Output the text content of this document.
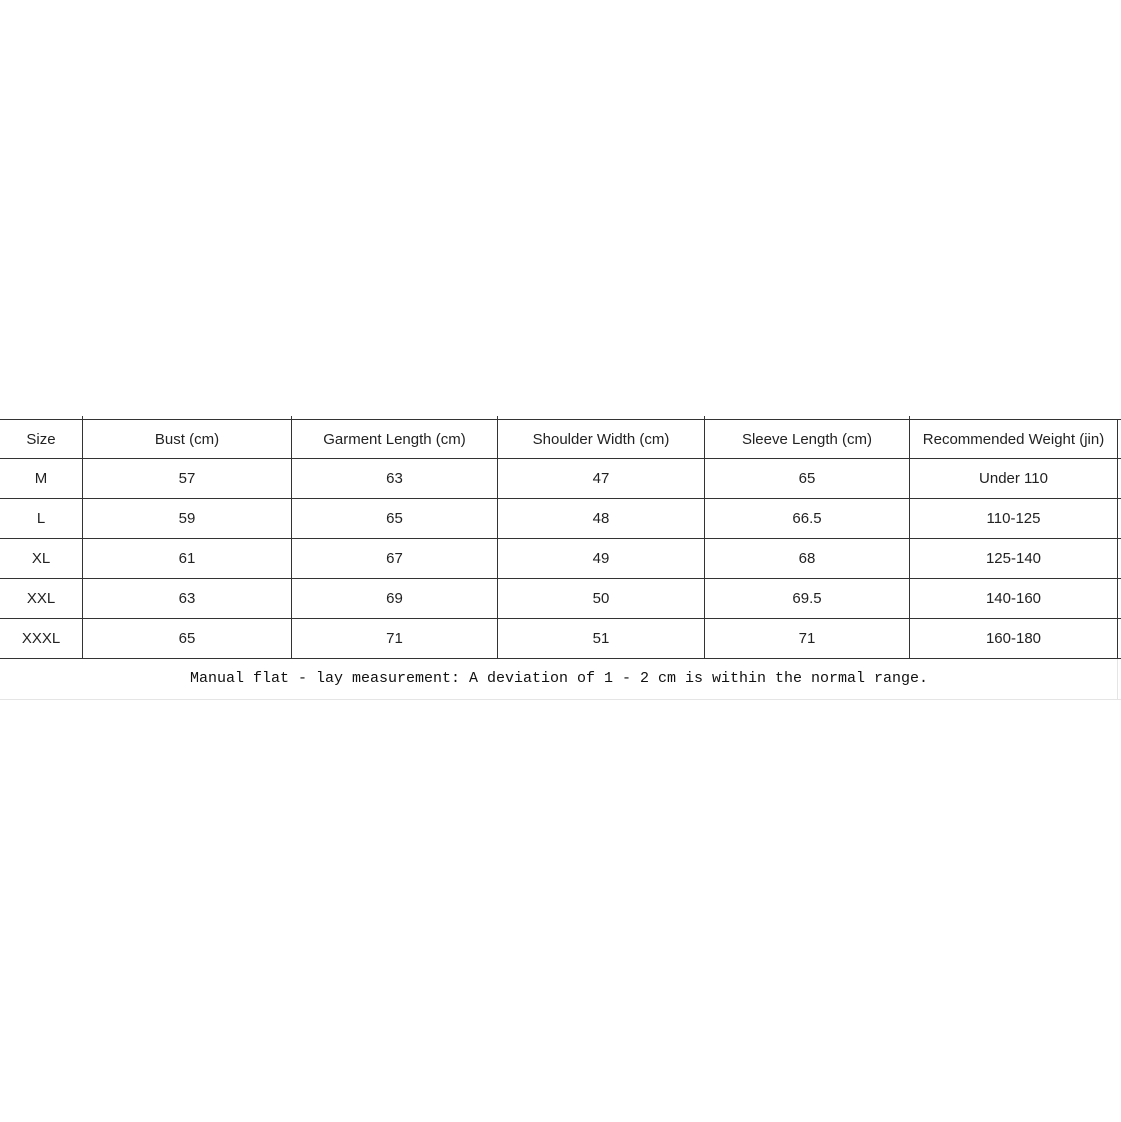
Size	Bust (cm)	Garment Length (cm)	Shoulder Width (cm)	Sleeve Length (cm)	Recommended Weight (jin)
M	57	63	47	65	Under 110
L	59	65	48	66.5	110-125
XL	61	67	49	68	125-140
XXL	63	69	50	69.5	140-160
XXXL	65	71	51	71	160-180
Manual flat - lay measurement: A deviation of 1 - 2 cm is within the normal range.
